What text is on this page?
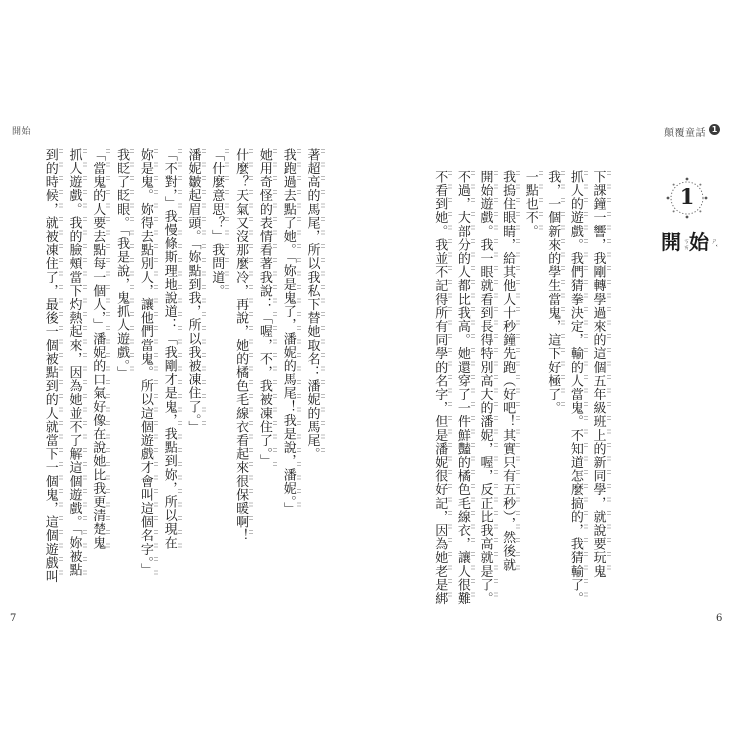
開始
著超高的馬尾，所以我私下替她取名：潘妮的馬尾。
我跑過去點了她。「妳是鬼了，潘妮的馬尾！我是說，潘妮。」
她用奇怪的表情看著我說：「喔，不，我被凍住了。」
什麼？天氣又沒那麼冷，再說，她的橘色毛線衣看起來很保暖啊！
「什麼意思？」我問道。
潘妮皺起眉頭。「妳點到我，所以我被凍住了。」
「不對，」我慢條斯理地說道：「我剛才是鬼，我點到妳，所以現在
妳是鬼。妳得去點別人，讓他們當鬼。所以這個遊戲才會叫這個名字。」
我眨了眨眼。「我是說，鬼抓人遊戲。」
「當鬼的人要去點每一個人，」潘妮的口氣好像在說她比我更清楚鬼
抓人遊戲。我的臉頰當下灼熱起來，因為她並不了解這個遊戲。「妳被點
到的時候，就被凍住了，最後一個被點到的人就當下一個鬼，這個遊戲叫
7
顛覆童話 1
1
開 ㄎㄞ 始 ㄕˇ
下課鐘一響，我剛轉學過來的這個五年級班上的新同學，就說要玩鬼
抓人的遊戲。我們猜拳決定，輸的人當鬼。不知道怎麼搞的，我猜輸了。
我，一個新來的學生當鬼，這下好極了。
一點也不。
我摀住眼睛，給其他人十秒鐘先跑（好吧！其實只有五秒），然後就
開始遊戲。我一眼就看到長得特別高大的潘妮，喔，反正比我高就是了。
不過，大部分的人都比我高。她還穿了一件鮮豔的橘色毛線衣，讓人很難
不看到她。我並不記得所有同學的名字，但是潘妮很好記，因為她老是綁
6
